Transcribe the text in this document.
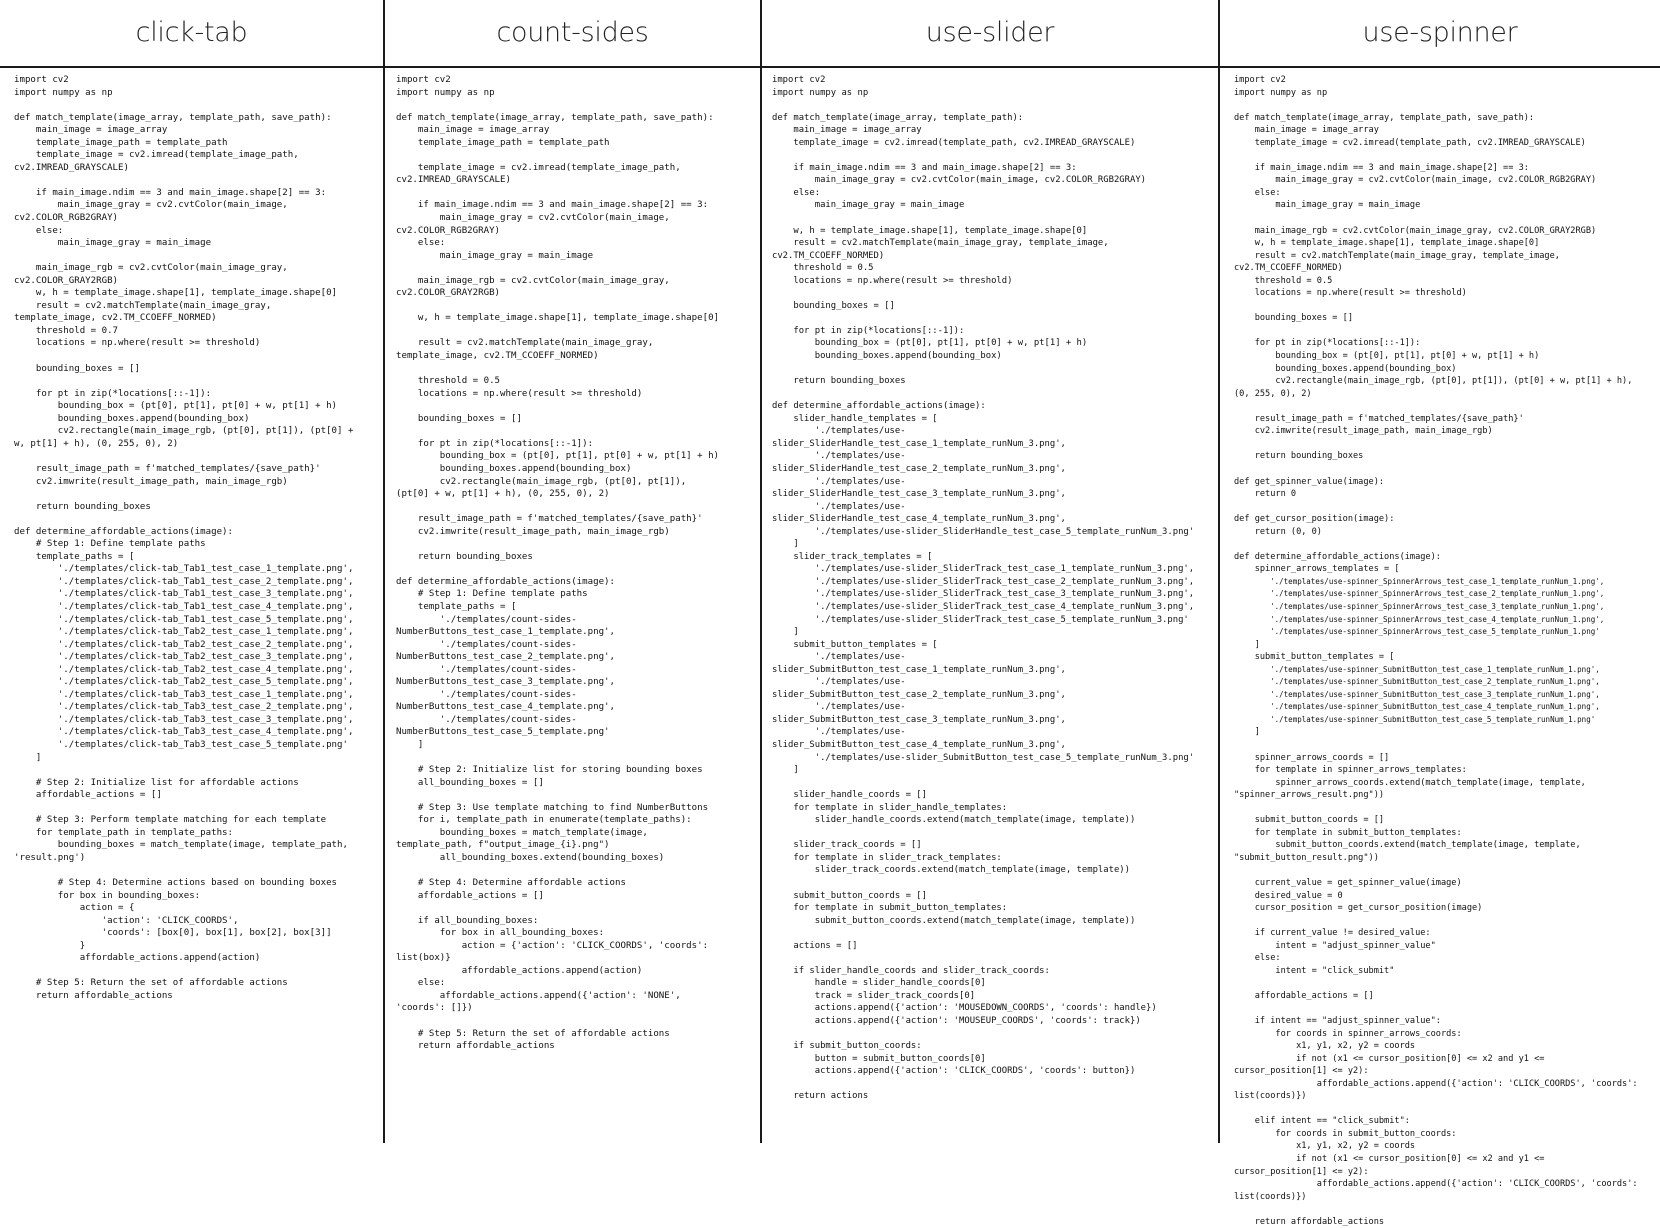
click-tab
import cv2
import numpy as np

def match_template(image_array, template_path, save_path):
main_image = image_array
template_image_path = template_path
template_image = cv2.imread(template_image_path,
cv2.IMREAD_GRAYSCALE)

if main_image.ndim == 3 and main_image.shape[2] == 3:
main_image_gray = cv2.cvtColor(main_image,
cv2.COLOR_RGB2GRAY)
else:
main_image_gray = main_image

main_image_rgb = cv2.cvtColor(main_image_gray,
cv2.COLOR_GRAY2RGB)
w, h = template_image.shape[1], template_image.shape[0]
result = cv2.matchTemplate(main_image_gray,
template_image, cv2.TM_CCOEFF_NORMED)
threshold = 0.7
locations = np.where(result >= threshold)

bounding_boxes = []

for pt in zip(*locations[::-1]):
bounding_box = (pt[0], pt[1], pt[0] + w, pt[1] + h)
bounding_boxes.append(bounding_box)
cv2.rectangle(main_image_rgb, (pt[0], pt[1]), (pt[0] +
w, pt[1] + h), (0, 255, 0), 2)

result_image_path = f'matched_templates/{save_path}'
cv2.imwrite(result_image_path, main_image_rgb)

return bounding_boxes

def determine_affordable_actions(image):
# Step 1: Define template paths
template_paths = [
'./templates/click-tab_Tab1_test_case_1_template.png',
'./templates/click-tab_Tab1_test_case_2_template.png',
'./templates/click-tab_Tab1_test_case_3_template.png',
'./templates/click-tab_Tab1_test_case_4_template.png',
'./templates/click-tab_Tab1_test_case_5_template.png',
'./templates/click-tab_Tab2_test_case_1_template.png',
'./templates/click-tab_Tab2_test_case_2_template.png',
'./templates/click-tab_Tab2_test_case_3_template.png',
'./templates/click-tab_Tab2_test_case_4_template.png',
'./templates/click-tab_Tab2_test_case_5_template.png',
'./templates/click-tab_Tab3_test_case_1_template.png',
'./templates/click-tab_Tab3_test_case_2_template.png',
'./templates/click-tab_Tab3_test_case_3_template.png',
'./templates/click-tab_Tab3_test_case_4_template.png',
'./templates/click-tab_Tab3_test_case_5_template.png'
]

# Step 2: Initialize list for affordable actions
affordable_actions = []

# Step 3: Perform template matching for each template
for template_path in template_paths:
bounding_boxes = match_template(image, template_path,
'result.png')

# Step 4: Determine actions based on bounding boxes
for box in bounding_boxes:
action = {
'action': 'CLICK_COORDS',
'coords': [box[0], box[1], box[2], box[3]]
}
affordable_actions.append(action)

# Step 5: Return the set of affordable actions
return affordable_actions
count-sides
import cv2
import numpy as np

def match_template(image_array, template_path, save_path):
main_image = image_array
template_image_path = template_path

template_image = cv2.imread(template_image_path,
cv2.IMREAD_GRAYSCALE)

if main_image.ndim == 3 and main_image.shape[2] == 3:
main_image_gray = cv2.cvtColor(main_image,
cv2.COLOR_RGB2GRAY)
else:
main_image_gray = main_image

main_image_rgb = cv2.cvtColor(main_image_gray,
cv2.COLOR_GRAY2RGB)

w, h = template_image.shape[1], template_image.shape[0]

result = cv2.matchTemplate(main_image_gray,
template_image, cv2.TM_CCOEFF_NORMED)

threshold = 0.5
locations = np.where(result >= threshold)

bounding_boxes = []

for pt in zip(*locations[::-1]):
bounding_box = (pt[0], pt[1], pt[0] + w, pt[1] + h)
bounding_boxes.append(bounding_box)
cv2.rectangle(main_image_rgb, (pt[0], pt[1]),
(pt[0] + w, pt[1] + h), (0, 255, 0), 2)

result_image_path = f'matched_templates/{save_path}'
cv2.imwrite(result_image_path, main_image_rgb)

return bounding_boxes

def determine_affordable_actions(image):
# Step 1: Define template paths
template_paths = [
'./templates/count-sides-
NumberButtons_test_case_1_template.png',
'./templates/count-sides-
NumberButtons_test_case_2_template.png',
'./templates/count-sides-
NumberButtons_test_case_3_template.png',
'./templates/count-sides-
NumberButtons_test_case_4_template.png',
'./templates/count-sides-
NumberButtons_test_case_5_template.png'
]

# Step 2: Initialize list for storing bounding boxes
all_bounding_boxes = []

# Step 3: Use template matching to find NumberButtons
for i, template_path in enumerate(template_paths):
bounding_boxes = match_template(image,
template_path, f"output_image_{i}.png")
all_bounding_boxes.extend(bounding_boxes)

# Step 4: Determine affordable actions
affordable_actions = []

if all_bounding_boxes:
for box in all_bounding_boxes:
action = {'action': 'CLICK_COORDS', 'coords':
list(box)}
affordable_actions.append(action)
else:
affordable_actions.append({'action': 'NONE',
'coords': []})

# Step 5: Return the set of affordable actions
return affordable_actions
use-slider
import cv2
import numpy as np

def match_template(image_array, template_path):
main_image = image_array
template_image = cv2.imread(template_path, cv2.IMREAD_GRAYSCALE)

if main_image.ndim == 3 and main_image.shape[2] == 3:
main_image_gray = cv2.cvtColor(main_image, cv2.COLOR_RGB2GRAY)
else:
main_image_gray = main_image

w, h = template_image.shape[1], template_image.shape[0]
result = cv2.matchTemplate(main_image_gray, template_image,
cv2.TM_CCOEFF_NORMED)
threshold = 0.5
locations = np.where(result >= threshold)

bounding_boxes = []

for pt in zip(*locations[::-1]):
bounding_box = (pt[0], pt[1], pt[0] + w, pt[1] + h)
bounding_boxes.append(bounding_box)

return bounding_boxes

def determine_affordable_actions(image):
slider_handle_templates = [
'./templates/use-
slider_SliderHandle_test_case_1_template_runNum_3.png',
'./templates/use-
slider_SliderHandle_test_case_2_template_runNum_3.png',
'./templates/use-
slider_SliderHandle_test_case_3_template_runNum_3.png',
'./templates/use-
slider_SliderHandle_test_case_4_template_runNum_3.png',
'./templates/use-slider_SliderHandle_test_case_5_template_runNum_3.png'
]
slider_track_templates = [
'./templates/use-slider_SliderTrack_test_case_1_template_runNum_3.png',
'./templates/use-slider_SliderTrack_test_case_2_template_runNum_3.png',
'./templates/use-slider_SliderTrack_test_case_3_template_runNum_3.png',
'./templates/use-slider_SliderTrack_test_case_4_template_runNum_3.png',
'./templates/use-slider_SliderTrack_test_case_5_template_runNum_3.png'
]
submit_button_templates = [
'./templates/use-
slider_SubmitButton_test_case_1_template_runNum_3.png',
'./templates/use-
slider_SubmitButton_test_case_2_template_runNum_3.png',
'./templates/use-
slider_SubmitButton_test_case_3_template_runNum_3.png',
'./templates/use-
slider_SubmitButton_test_case_4_template_runNum_3.png',
'./templates/use-slider_SubmitButton_test_case_5_template_runNum_3.png'
]

slider_handle_coords = []
for template in slider_handle_templates:
slider_handle_coords.extend(match_template(image, template))

slider_track_coords = []
for template in slider_track_templates:
slider_track_coords.extend(match_template(image, template))

submit_button_coords = []
for template in submit_button_templates:
submit_button_coords.extend(match_template(image, template))

actions = []

if slider_handle_coords and slider_track_coords:
handle = slider_handle_coords[0]
track = slider_track_coords[0]
actions.append({'action': 'MOUSEDOWN_COORDS', 'coords': handle})
actions.append({'action': 'MOUSEUP_COORDS', 'coords': track})

if submit_button_coords:
button = submit_button_coords[0]
actions.append({'action': 'CLICK_COORDS', 'coords': button})

return actions
use-spinner
import cv2
import numpy as np

def match_template(image_array, template_path, save_path):
main_image = image_array
template_image = cv2.imread(template_path, cv2.IMREAD_GRAYSCALE)

if main_image.ndim == 3 and main_image.shape[2] == 3:
main_image_gray = cv2.cvtColor(main_image, cv2.COLOR_RGB2GRAY)
else:
main_image_gray = main_image

main_image_rgb = cv2.cvtColor(main_image_gray, cv2.COLOR_GRAY2RGB)
w, h = template_image.shape[1], template_image.shape[0]
result = cv2.matchTemplate(main_image_gray, template_image,
cv2.TM_CCOEFF_NORMED)
threshold = 0.5
locations = np.where(result >= threshold)

bounding_boxes = []

for pt in zip(*locations[::-1]):
bounding_box = (pt[0], pt[1], pt[0] + w, pt[1] + h)
bounding_boxes.append(bounding_box)
cv2.rectangle(main_image_rgb, (pt[0], pt[1]), (pt[0] + w, pt[1] + h),
(0, 255, 0), 2)

result_image_path = f'matched_templates/{save_path}'
cv2.imwrite(result_image_path, main_image_rgb)

return bounding_boxes

def get_spinner_value(image):
return 0

def get_cursor_position(image):
return (0, 0)

def determine_affordable_actions(image):
spinner_arrows_templates = [
'./templates/use-spinner_SpinnerArrows_test_case_1_template_runNum_1.png',
'./templates/use-spinner_SpinnerArrows_test_case_2_template_runNum_1.png',
'./templates/use-spinner_SpinnerArrows_test_case_3_template_runNum_1.png',
'./templates/use-spinner_SpinnerArrows_test_case_4_template_runNum_1.png',
'./templates/use-spinner_SpinnerArrows_test_case_5_template_runNum_1.png'
]
submit_button_templates = [
'./templates/use-spinner_SubmitButton_test_case_1_template_runNum_1.png',
'./templates/use-spinner_SubmitButton_test_case_2_template_runNum_1.png',
'./templates/use-spinner_SubmitButton_test_case_3_template_runNum_1.png',
'./templates/use-spinner_SubmitButton_test_case_4_template_runNum_1.png',
'./templates/use-spinner_SubmitButton_test_case_5_template_runNum_1.png'
]

spinner_arrows_coords = []
for template in spinner_arrows_templates:
spinner_arrows_coords.extend(match_template(image, template,
"spinner_arrows_result.png"))

submit_button_coords = []
for template in submit_button_templates:
submit_button_coords.extend(match_template(image, template,
"submit_button_result.png"))

current_value = get_spinner_value(image)
desired_value = 0
cursor_position = get_cursor_position(image)

if current_value != desired_value:
intent = "adjust_spinner_value"
else:
intent = "click_submit"

affordable_actions = []

if intent == "adjust_spinner_value":
for coords in spinner_arrows_coords:
x1, y1, x2, y2 = coords
if not (x1 <= cursor_position[0] <= x2 and y1 <=
cursor_position[1] <= y2):
affordable_actions.append({'action': 'CLICK_COORDS', 'coords':
list(coords)})

elif intent == "click_submit":
for coords in submit_button_coords:
x1, y1, x2, y2 = coords
if not (x1 <= cursor_position[0] <= x2 and y1 <=
cursor_position[1] <= y2):
affordable_actions.append({'action': 'CLICK_COORDS', 'coords':
list(coords)})

return affordable_actions
